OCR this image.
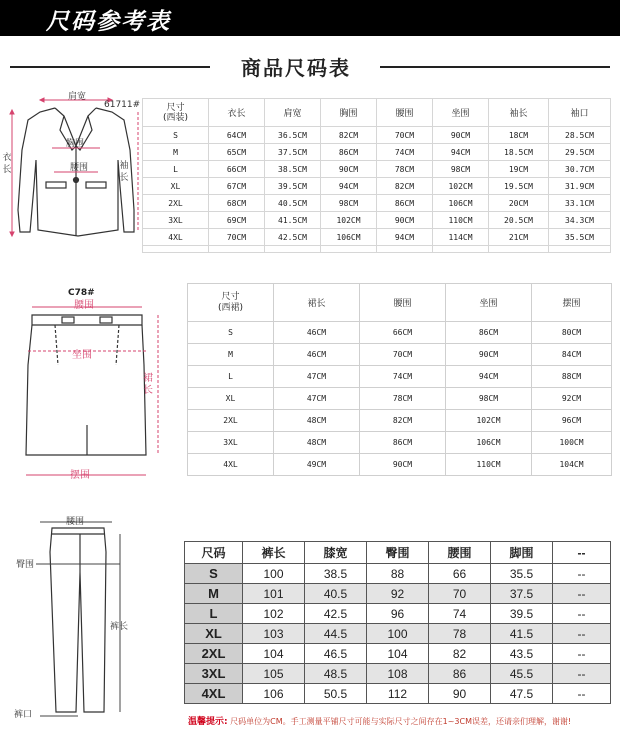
尺码参考表
商品尺码表
肩宽
61711#
衣长	袖长
胸围
腰围
尺寸
(西装)	衣长	肩宽	胸围	腰围	坐围	袖长	袖口
S	64CM	36.5CM	82CM	70CM	90CM	18CM	28.5CM
M	65CM	37.5CM	86CM	74CM	94CM	18.5CM	29.5CM
L	66CM	38.5CM	90CM	78CM	98CM	19CM	30.7CM
XL	67CM	39.5CM	94CM	82CM	102CM	19.5CM	31.9CM
2XL	68CM	40.5CM	98CM	86CM	106CM	20CM	33.1CM
3XL	69CM	41.5CM	102CM	90CM	110CM	20.5CM	34.3CM
4XL	70CM	42.5CM	106CM	94CM	114CM	21CM	35.5CM

C78#
腰围
坐围
裙长
摆围
尺寸
(西裙)	裙长	腰围	坐围	摆围
S	46CM	66CM	86CM	80CM
M	46CM	70CM	90CM	84CM
L	47CM	74CM	94CM	88CM
XL	47CM	78CM	98CM	92CM
2XL	48CM	82CM	102CM	96CM
3XL	48CM	86CM	106CM	100CM
4XL	49CM	90CM	110CM	104CM
腰围
臀围
裤长
裤口
尺码	裤长	膝宽	臀围	腰围	脚围	--
S	100	38.5	88	66	35.5	--
M	101	40.5	92	70	37.5	--
L	102	42.5	96	74	39.5	--
XL	103	44.5	100	78	41.5	--
2XL	104	46.5	104	82	43.5	--
3XL	105	48.5	108	86	45.5	--
4XL	106	50.5	112	90	47.5	--
温馨提示: 尺码单位为CM。手工测量平铺尺寸可能与实际尺寸之间存在1~3CM误差，还请亲们理解，谢谢!
